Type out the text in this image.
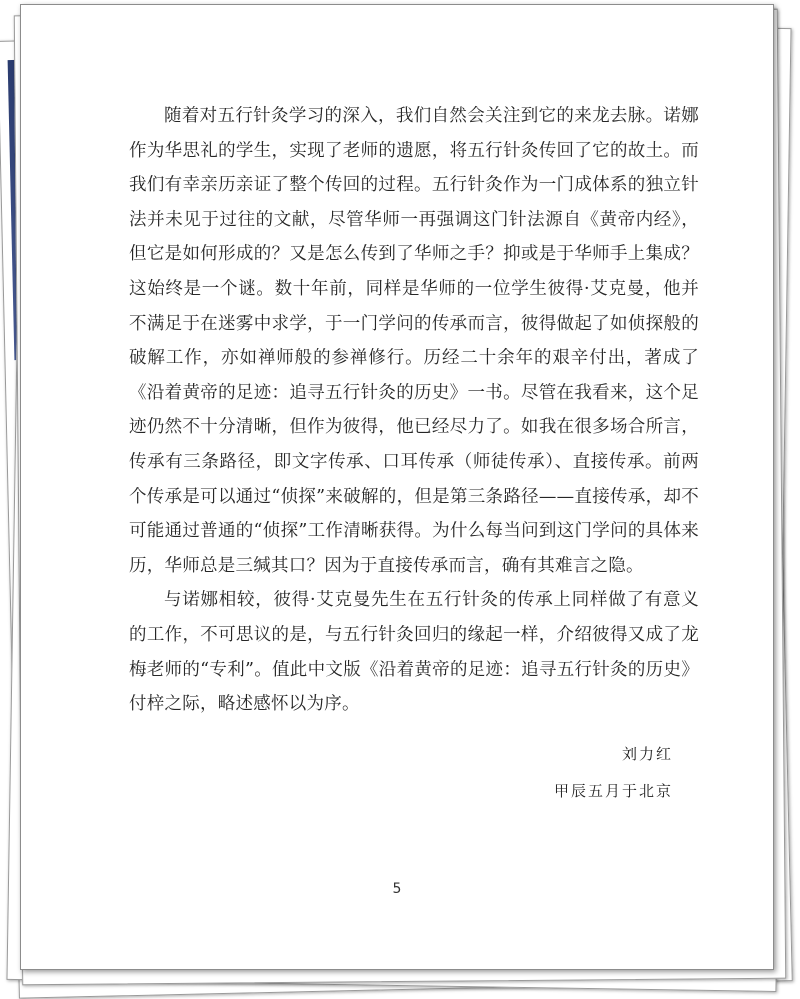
随着对五行针灸学习的深入，我们自然会关注到它的来龙去脉。诺娜作为华思礼的学生，实现了老师的遗愿，将五行针灸传回了它的故土。而我们有幸亲历亲证了整个传回的过程。五行针灸作为一门成体系的独立针法并未见于过往的文献，尽管华师一再强调这门针法源自《黄帝内经》，但它是如何形成的？又是怎么传到了华师之手？抑或是于华师手上集成？这始终是一个谜。数十年前，同样是华师的一位学生彼得·艾克曼，他并不满足于在迷雾中求学，于一门学问的传承而言，彼得做起了如侦探般的破解工作，亦如禅师般的参禅修行。历经二十余年的艰辛付出，著成了《沿着黄帝的足迹：追寻五行针灸的历史》一书。尽管在我看来，这个足迹仍然不十分清晰，但作为彼得，他已经尽力了。如我在很多场合所言，传承有三条路径，即文字传承、口耳传承（师徒传承）、直接传承。前两个传承是可以通过“侦探”来破解的，但是第三条路径——直接传承，却不可能通过普通的“侦探”工作清晰获得。为什么每当问到这门学问的具体来历，华师总是三缄其口？因为于直接传承而言，确有其难言之隐。

与诺娜相较，彼得·艾克曼先生在五行针灸的传承上同样做了有意义的工作，不可思议的是，与五行针灸回归的缘起一样，介绍彼得又成了龙梅老师的“专利”。值此中文版《沿着黄帝的足迹：追寻五行针灸的历史》付梓之际，略述感怀以为序。

刘力红
甲辰五月于北京
5
